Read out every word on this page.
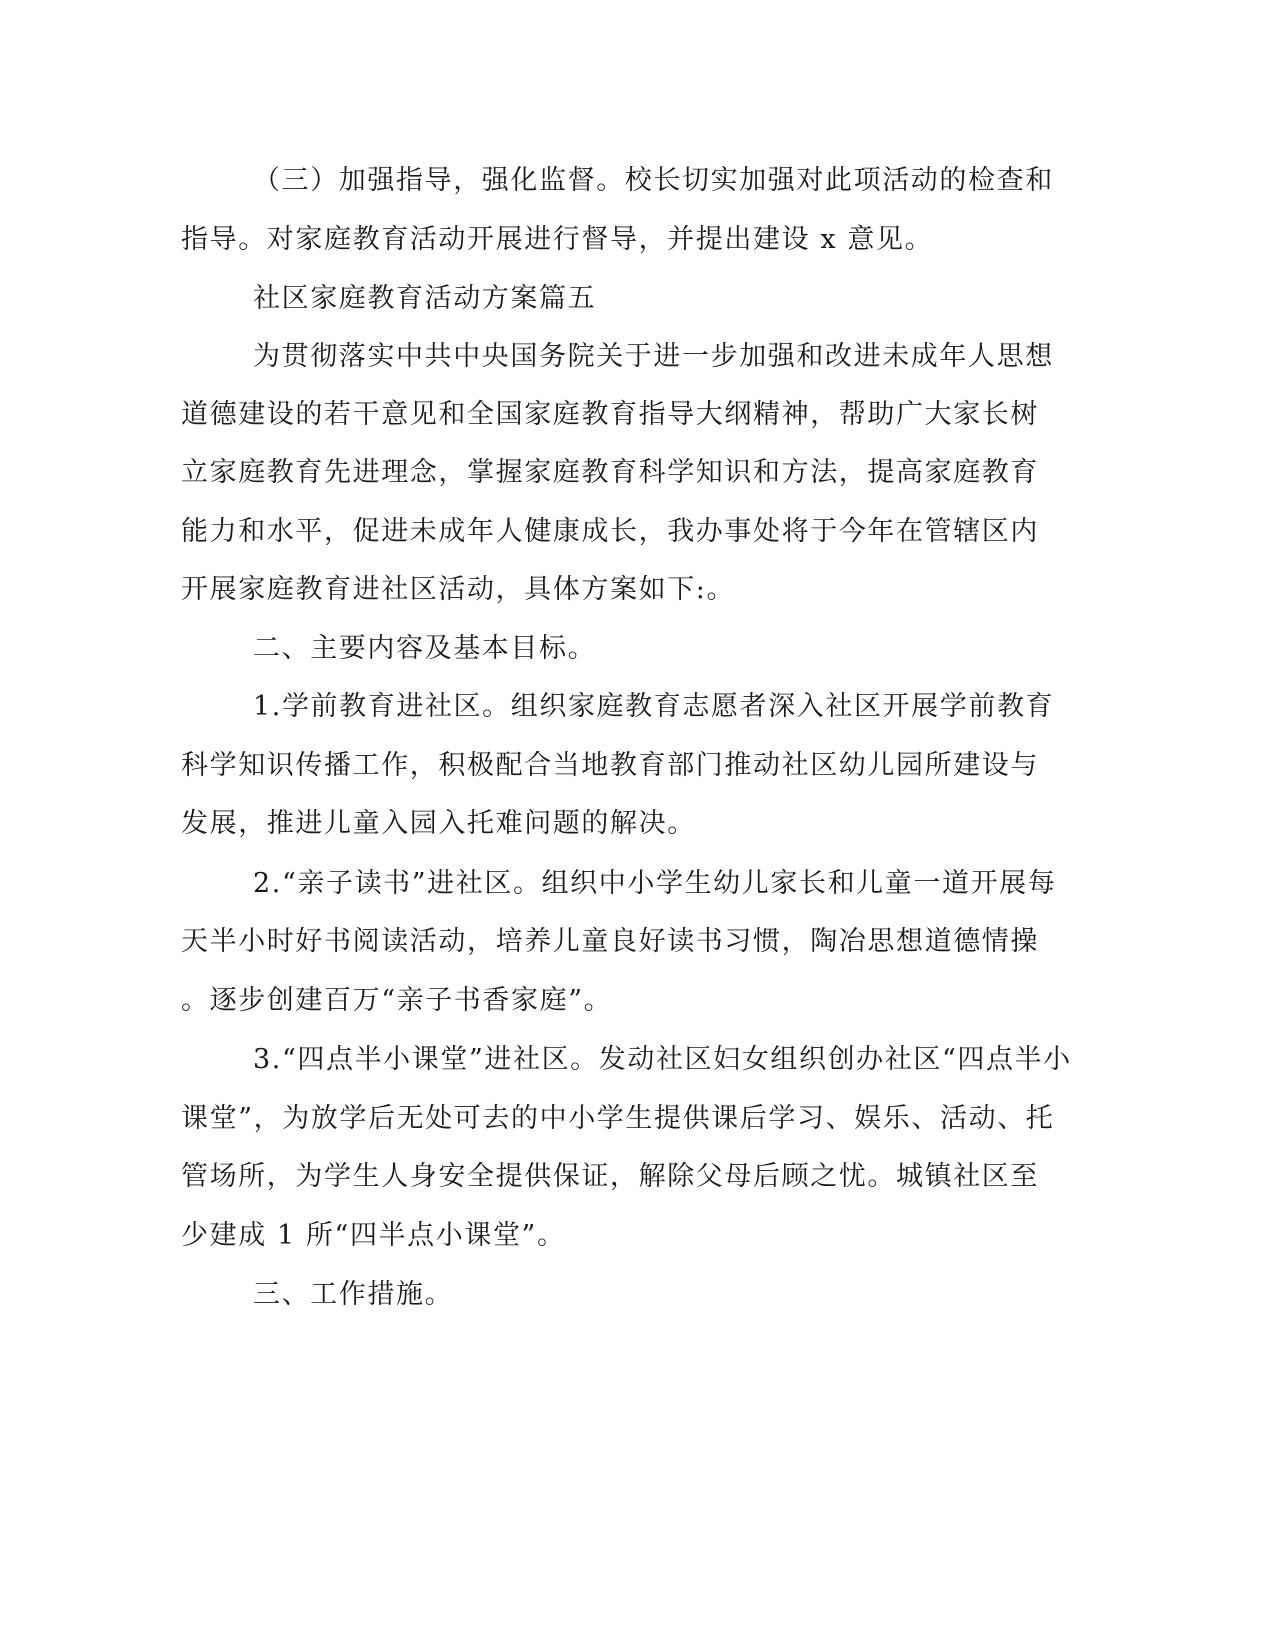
（三）加强指导，强化监督。校长切实加强对此项活动的检查和
指导。对家庭教育活动开展进行督导，并提出建设 x 意见。
社区家庭教育活动方案篇五
为贯彻落实中共中央国务院关于进一步加强和改进未成年人思想
道德建设的若干意见和全国家庭教育指导大纲精神，帮助广大家长树
立家庭教育先进理念，掌握家庭教育科学知识和方法，提高家庭教育
能力和水平，促进未成年人健康成长，我办事处将于今年在管辖区内
开展家庭教育进社区活动，具体方案如下:。
二、主要内容及基本目标。
1.学前教育进社区。组织家庭教育志愿者深入社区开展学前教育
科学知识传播工作，积极配合当地教育部门推动社区幼儿园所建设与
发展，推进儿童入园入托难问题的解决。
2.“亲子读书”进社区。组织中小学生幼儿家长和儿童一道开展每
天半小时好书阅读活动，培养儿童良好读书习惯，陶冶思想道德情操
。逐步创建百万“亲子书香家庭”。
3.“四点半小课堂”进社区。发动社区妇女组织创办社区“四点半小
课堂”，为放学后无处可去的中小学生提供课后学习、娱乐、活动、托
管场所，为学生人身安全提供保证，解除父母后顾之忧。城镇社区至
少建成 1 所“四半点小课堂”。
三、工作措施。
